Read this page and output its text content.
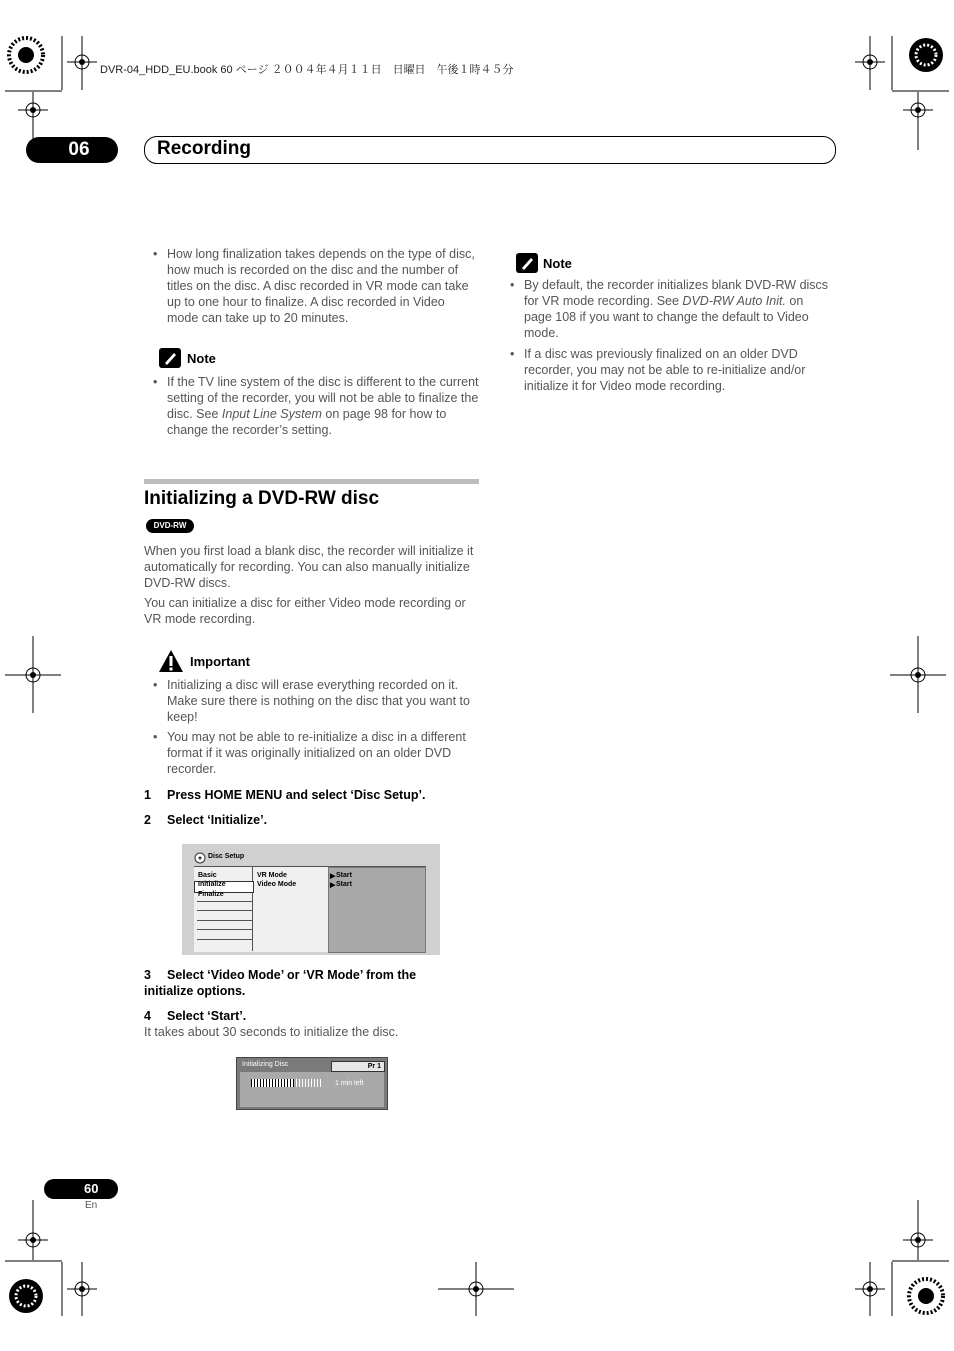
DVR-04_HDD_EU.book 60 ページ ２００４年４月１１日　日曜日　午後１時４５分
06	Recording
• How long finalization takes depends on the type of disc, how much is recorded on the disc and the number of titles on the disc. A disc recorded in VR mode can take up to one hour to finalize. A disc recorded in Video mode can take up to 20 minutes.
Note
• If the TV line system of the disc is different to the current setting of the recorder, you will not be able to finalize the disc. See Input Line System on page 98 for how to change the recorder’s setting.
Initializing a DVD-RW disc
DVD-RW
When you first load a blank disc, the recorder will initialize it automatically for recording. You can also manually initialize DVD-RW discs.
You can initialize a disc for either Video mode recording or VR mode recording.
Important
• Initializing a disc will erase everything recorded on it. Make sure there is nothing on the disc that you want to keep!
• You may not be able to re-initialize a disc in a different format if it was originally initialized on an older DVD recorder.
1 Press HOME MENU and select ‘Disc Setup’.
2 Select ‘Initialize’.
Disc Setup
Basic
Initialize
Finalize
VR Mode
Video Mode
▶ Start
▶ Start
3 Select ‘Video Mode’ or ‘VR Mode’ from the
initialize options.
4 Select ‘Start’.
It takes about 30 seconds to initialize the disc.
Initializing Disc	Pr 1
1 min left
Note
• By default, the recorder initializes blank DVD-RW discs for VR mode recording. See DVD-RW Auto Init. on page 108 if you want to change the default to Video mode.
• If a disc was previously finalized on an older DVD recorder, you may not be able to re-initialize and/or initialize it for Video mode recording.
60
En
